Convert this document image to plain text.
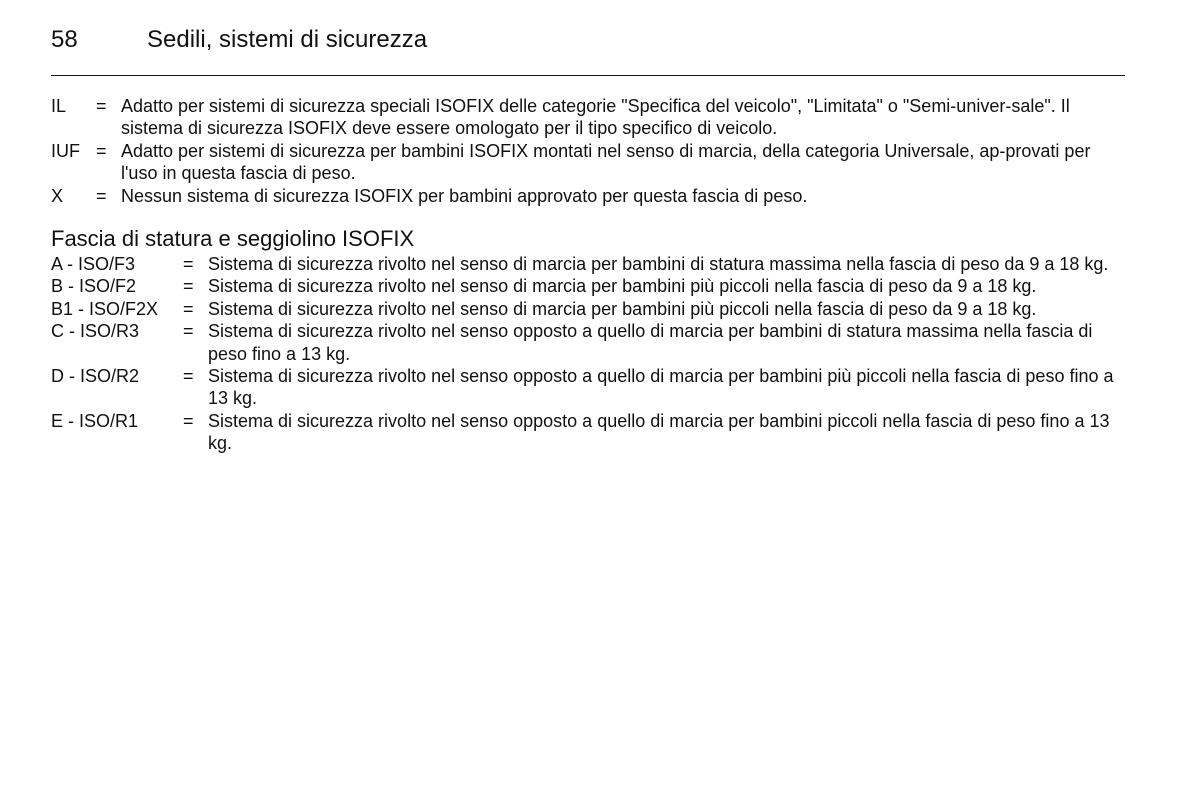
58	Sedili, sistemi di sicurezza
IL	= Adatto per sistemi di sicurezza speciali ISOFIX delle categorie "Specifica del veicolo", "Limitata" o "Semi-univer-sale". Il sistema di sicurezza ISOFIX deve essere omologato per il tipo specifico di veicolo.
IUF = Adatto per sistemi di sicurezza per bambini ISOFIX montati nel senso di marcia, della categoria Universale, ap-provati per l'uso in questa fascia di peso.
X	= Nessun sistema di sicurezza ISOFIX per bambini approvato per questa fascia di peso.
Fascia di statura e seggiolino ISOFIX
A - ISO/F3	= Sistema di sicurezza rivolto nel senso di marcia per bambini di statura massima nella fascia di peso da 9 a 18 kg.
B - ISO/F2	= Sistema di sicurezza rivolto nel senso di marcia per bambini più piccoli nella fascia di peso da 9 a 18 kg.
B1 - ISO/F2X	= Sistema di sicurezza rivolto nel senso di marcia per bambini più piccoli nella fascia di peso da 9 a 18 kg.
C - ISO/R3	= Sistema di sicurezza rivolto nel senso opposto a quello di marcia per bambini di statura massima nella fascia di peso fino a 13 kg.
D - ISO/R2	= Sistema di sicurezza rivolto nel senso opposto a quello di marcia per bambini più piccoli nella fascia di peso fino a 13 kg.
E - ISO/R1	= Sistema di sicurezza rivolto nel senso opposto a quello di marcia per bambini piccoli nella fascia di peso fino a 13 kg.
